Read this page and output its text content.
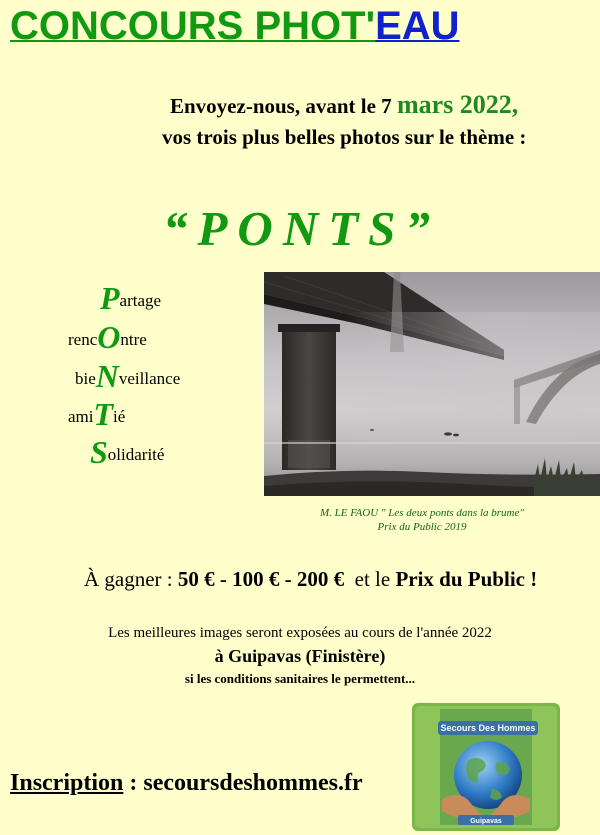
CONCOURS PHOT'EAU
Envoyez-nous, avant le 7 mars 2022,
vos trois plus belles photos sur le thème :
“PONTS”
Partage
rencOntre
bieNveillance
amiTié
Solidarité
M. LE FAOU " Les deux ponts dans la brume"
Prix du Public 2019
À gagner : 50 € - 100 € - 200 €  et le Prix du Public !
Les meilleures images seront exposées au cours de l'année 2022
à Guipavas (Finistère)
si les conditions sanitaires le permettent...
Inscription : secoursdeshommes.fr
Secours Des Hommes
Guipavas
